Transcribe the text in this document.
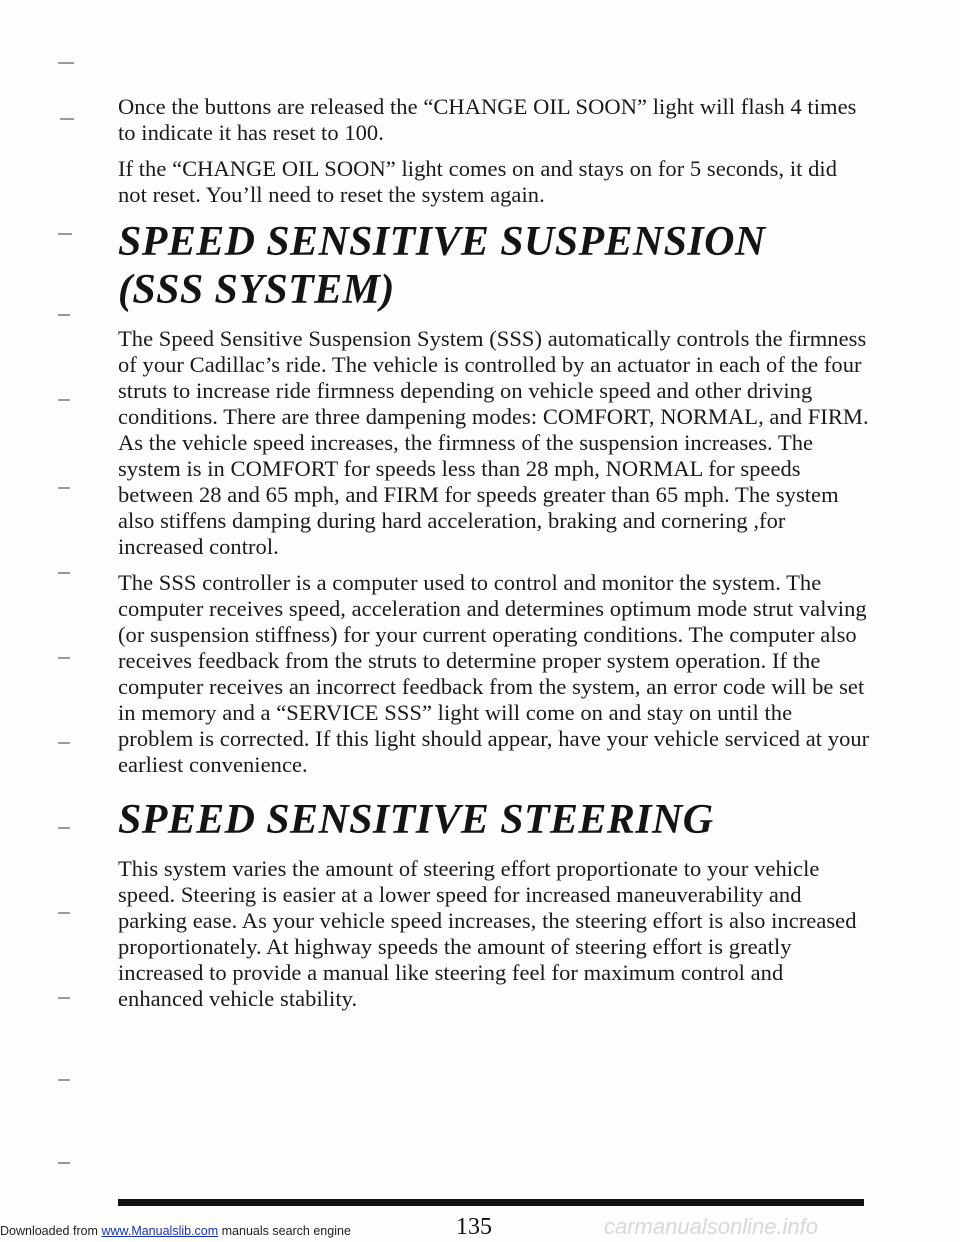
Once the buttons are released the “CHANGE OIL SOON” light will flash 4 times to indicate it has reset to 100.

If the “CHANGE OIL SOON” light comes on and stays on for 5 seconds, it did not reset. You’ll need to reset the system again.

SPEED SENSITIVE SUSPENSION
(SSS SYSTEM)

The Speed Sensitive Suspension System (SSS) automatically controls the firmness of your Cadillac’s ride. The vehicle is controlled by an actuator in each of the four struts to increase ride firmness depending on vehicle speed and other driving conditions. There are three dampening modes: COMFORT, NORMAL, and FIRM. As the vehicle speed increases, the firmness of the suspension increases. The system is in COMFORT for speeds less than 28 mph, NORMAL for speeds between 28 and 65 mph, and FIRM for speeds greater than 65 mph. The system also stiffens damping during hard acceleration, braking and cornering ,for increased control.

The SSS controller is a computer used to control and monitor the system. The computer receives speed, acceleration and determines optimum mode strut valving (or suspension stiffness) for your current operating conditions. The computer also receives feedback from the struts to determine proper system operation. If the computer receives an incorrect feedback from the system, an error code will be set in memory and a “SERVICE SSS” light will come on and stay on until the problem is corrected. If this light should appear, have your vehicle serviced at your earliest convenience.

SPEED SENSITIVE STEERING

This system varies the amount of steering effort proportionate to your vehicle speed. Steering is easier at a lower speed for increased maneuverability and parking ease. As your vehicle speed increases, the steering effort is also increased proportionately. At highway speeds the amount of steering effort is greatly increased to provide a manual like steering feel for maximum control and enhanced vehicle stability.

135
Downloaded from www.Manualslib.com manuals search engine	carmanualsonline.info
